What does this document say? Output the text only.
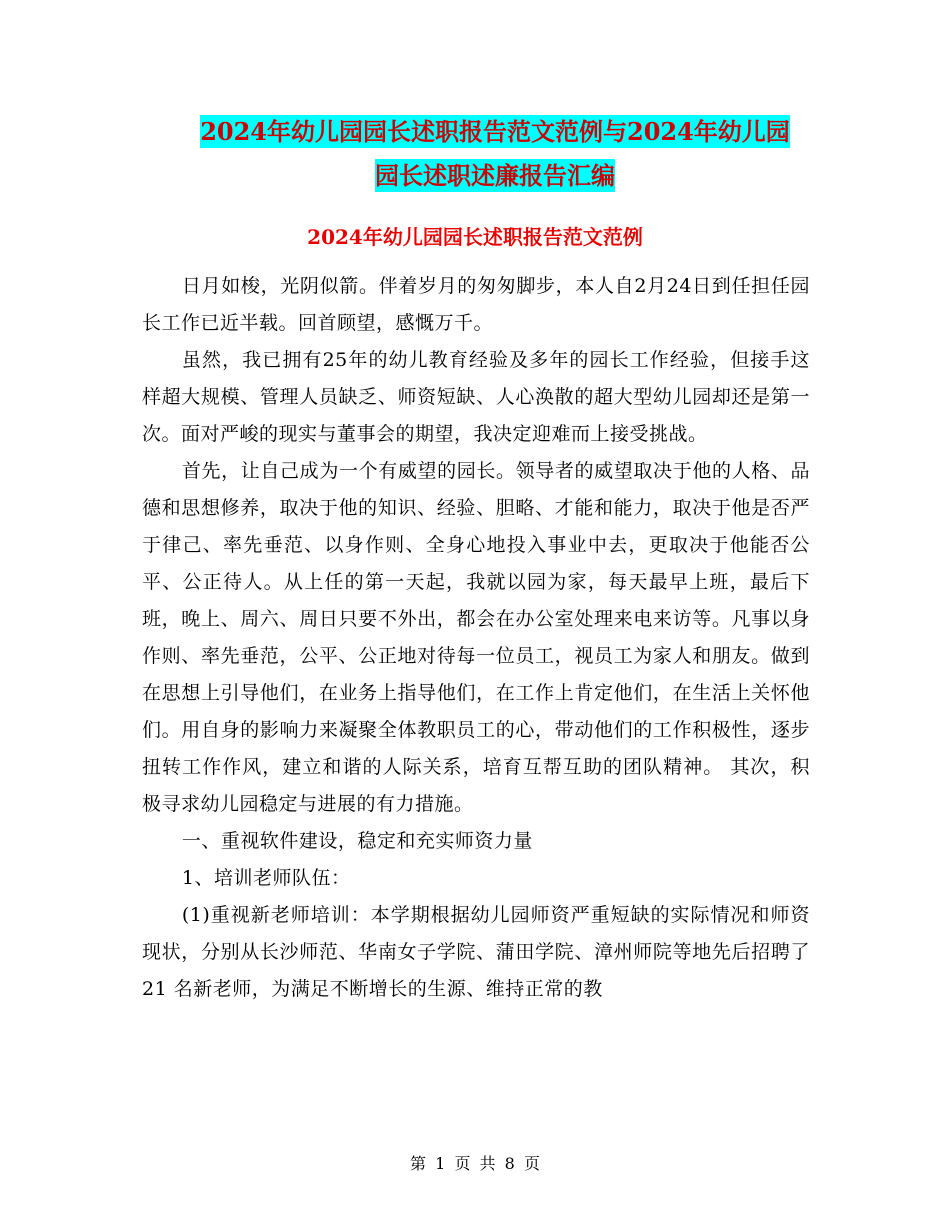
2024年幼儿园园长述职报告范文范例与2024年幼儿园
园长述职述廉报告汇编
2024年幼儿园园长述职报告范文范例

日月如梭，光阴似箭。伴着岁月的匆匆脚步，本人自2月24日到任担任园长工作已近半载。回首顾望，感慨万千。

虽然，我已拥有25年的幼儿教育经验及多年的园长工作经验，但接手这样超大规模、管理人员缺乏、师资短缺、人心涣散的超大型幼儿园却还是第一次。面对严峻的现实与董事会的期望，我决定迎难而上接受挑战。

首先，让自己成为一个有威望的园长。领导者的威望取决于他的人格、品德和思想修养，取决于他的知识、经验、胆略、才能和能力，取决于他是否严于律己、率先垂范、以身作则、全身心地投入事业中去，更取决于他能否公平、公正待人。从上任的第一天起，我就以园为家，每天最早上班，最后下班，晚上、周六、周日只要不外出，都会在办公室处理来电来访等。凡事以身作则、率先垂范，公平、公正地对待每一位员工，视员工为家人和朋友。做到在思想上引导他们，在业务上指导他们，在工作上肯定他们，在生活上关怀他们。用自身的影响力来凝聚全体教职员工的心，带动他们的工作积极性，逐步扭转工作作风，建立和谐的人际关系，培育互帮互助的团队精神。 其次，积极寻求幼儿园稳定与进展的有力措施。

一、重视软件建设，稳定和充实师资力量

1、培训老师队伍：

(1)重视新老师培训：本学期根据幼儿园师资严重短缺的实际情况和师资现状，分别从长沙师范、华南女子学院、蒲田学院、漳州师院等地先后招聘了21 名新老师，为满足不断增长的生源、维持正常的教

第 1 页 共 8 页
